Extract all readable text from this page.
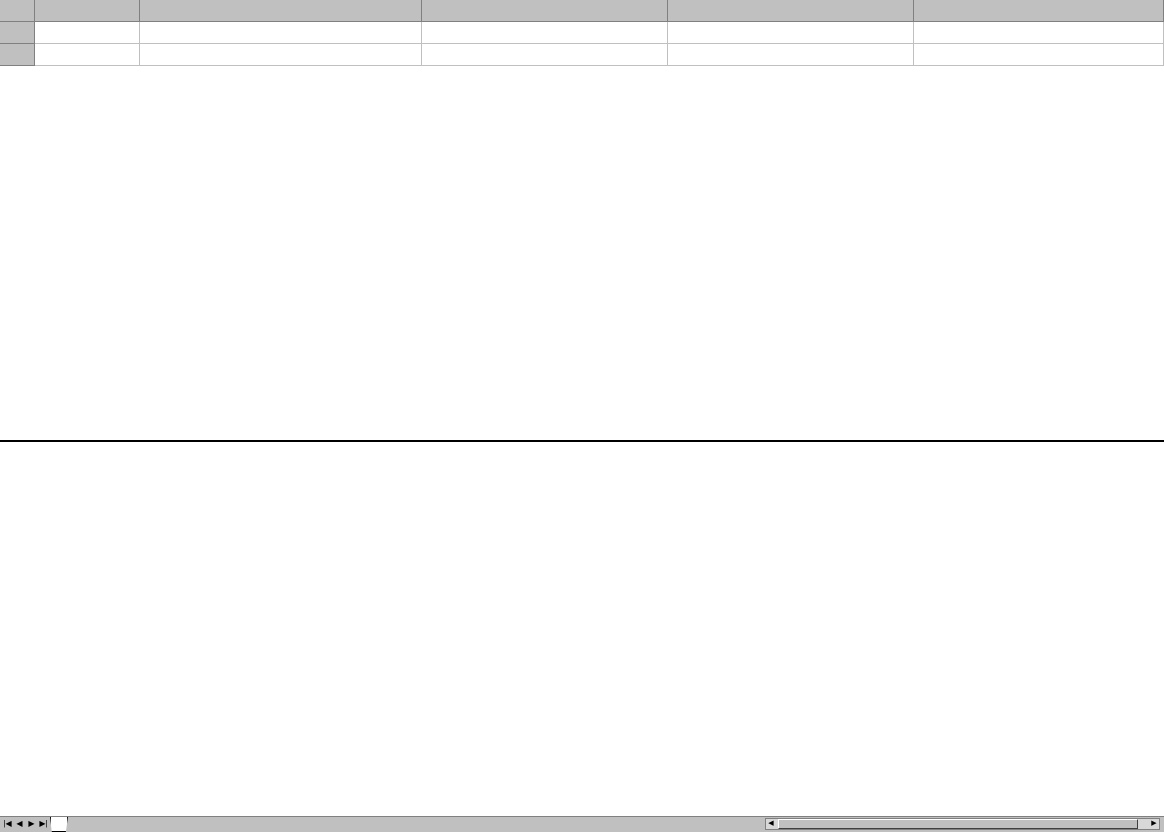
|◀ ◀ ▶ ▶|	◀	▶
